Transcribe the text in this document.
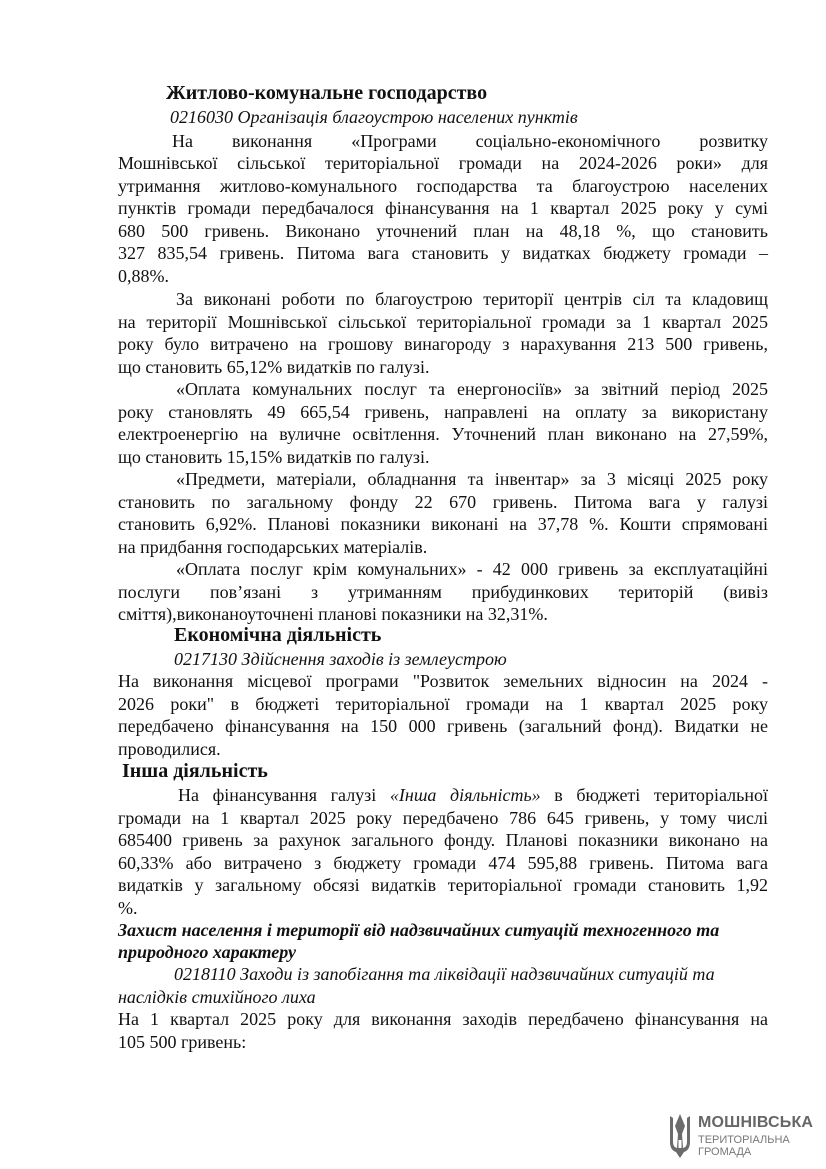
Житлово-комунальне господарство
0216030 Організація благоустрою населених пунктів
На виконання «Програми соціально-економічного розвитку
Мошнівської сільської територіальної громади на 2024-2026 роки» для
утримання житлово-комунального господарства та благоустрою населених
пунктів громади передбачалося фінансування на 1 квартал 2025 року у сумі
680 500 гривень. Виконано уточнений план на 48,18 %, що становить
327 835,54 гривень. Питома вага становить у видатках бюджету громади –
0,88%.
За виконані роботи по благоустрою території центрів сіл та кладовищ
на території Мошнівської сільської територіальної громади за 1 квартал 2025
року було витрачено на грошову винагороду з нарахування 213 500 гривень,
що становить 65,12% видатків по галузі.
«Оплата комунальних послуг та енергоносіїв» за звітний період 2025
року становлять 49 665,54 гривень, направлені на оплату за використану
електроенергію на вуличне освітлення. Уточнений план виконано на 27,59%,
що становить 15,15% видатків по галузі.
«Предмети, матеріали, обладнання та інвентар» за 3 місяці 2025 року
становить по загальному фонду 22 670 гривень. Питома вага у галузі
становить 6,92%. Планові показники виконані на 37,78 %. Кошти спрямовані
на придбання господарських матеріалів.
«Оплата послуг крім комунальних» - 42 000 гривень за експлуатаційні
послуги пов’язані з утриманням прибудинкових територій (вивіз
сміття),виконаноуточнені планові показники на 32,31%.
Економічна діяльність
0217130 Здійснення заходів із землеустрою
На виконання місцевої програми "Розвиток земельних відносин на 2024 -
2026 роки" в бюджеті територіальної громади на 1 квартал 2025 року
передбачено фінансування на 150 000 гривень (загальний фонд). Видатки не
проводилися.
Інша діяльність
На фінансування галузі «Інша діяльність» в бюджеті територіальної
громади на 1 квартал 2025 року передбачено 786 645 гривень, у тому числі
685400 гривень за рахунок загального фонду. Планові показники виконано на
60,33% або витрачено з бюджету громади 474 595,88 гривень. Питома вага
видатків у загальному обсязі видатків територіальної громади становить 1,92
%.
Захист населення і території від надзвичайних ситуацій техногенного та
природного характеру
0218110 Заходи із запобігання та ліквідації надзвичайних ситуацій та
наслідків стихійного лиха
На 1 квартал 2025 року для виконання заходів передбачено фінансування на
105 500 гривень:
МОШНІВСЬКА
ТЕРИТОРІАЛЬНА
ГРОМАДА
